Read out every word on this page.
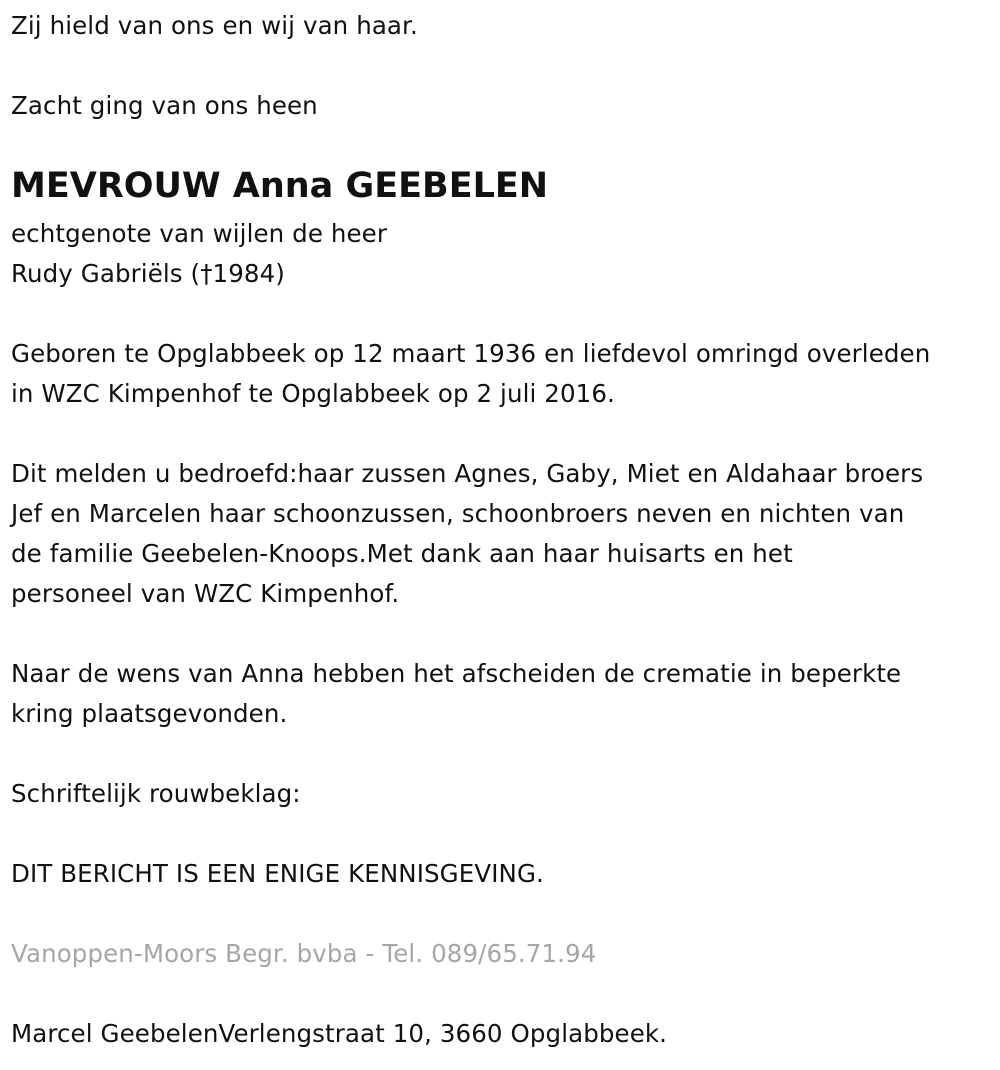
Zij hield van ons en wij van haar.

Zacht ging van ons heen

MEVROUW Anna GEEBELEN

echtgenote van wijlen de heer

Rudy Gabriëls (†1984)

Geboren te Opglabbeek op 12 maart 1936 en liefdevol omringd overleden

in WZC Kimpenhof te Opglabbeek op 2 juli 2016.

Dit melden u bedroefd:haar zussen Agnes, Gaby, Miet en Aldahaar broers

Jef en Marcelen haar schoonzussen, schoonbroers neven en nichten van

de familie Geebelen-Knoops.Met dank aan haar huisarts en het

personeel van WZC Kimpenhof.

Naar de wens van Anna hebben het afscheiden de crematie in beperkte

kring plaatsgevonden.

Schriftelijk rouwbeklag:

DIT BERICHT IS EEN ENIGE KENNISGEVING.

Vanoppen-Moors Begr. bvba - Tel. 089/65.71.94

Marcel GeebelenVerlengstraat 10, 3660 Opglabbeek.
